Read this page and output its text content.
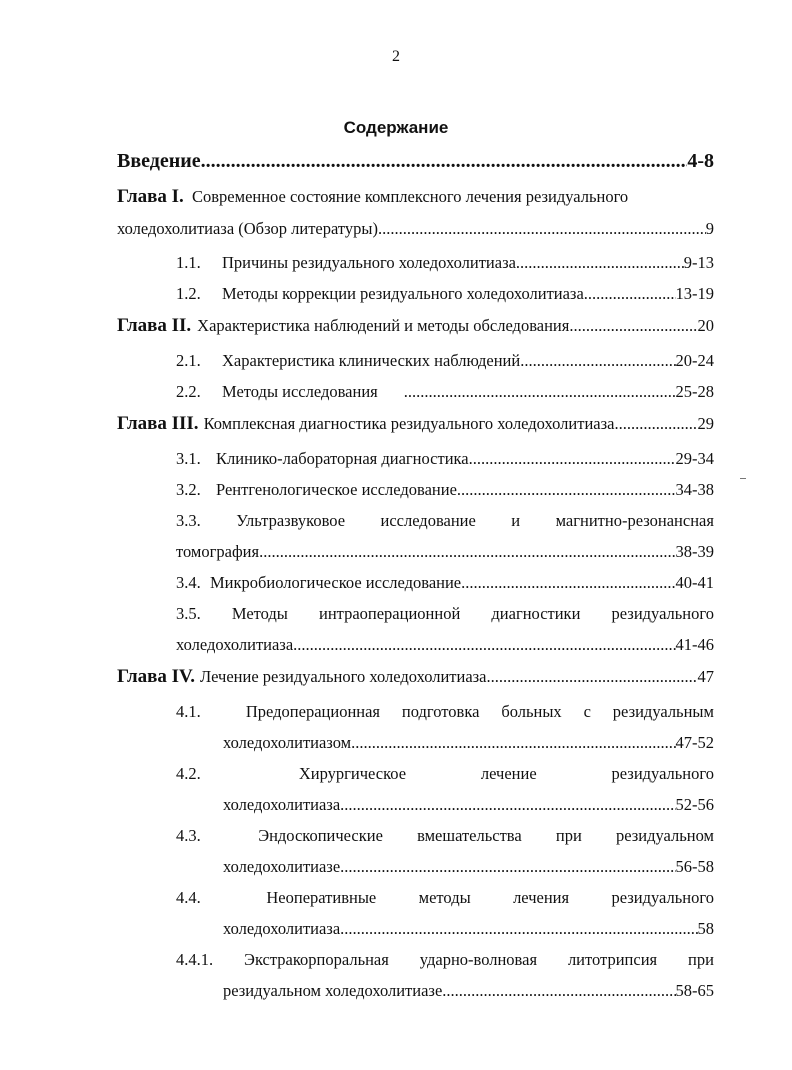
2
Содержание
Введение .....	4-8
Глава I. Современное состояние комплексного лечения резидуального
холедохолитиаза (Обзор литературы) .....	9
1.1.	Причины резидуального холедохолитиаза .....	9-13
1.2.	Методы коррекции резидуального холедохолитиаза .....	13-19
Глава II. Характеристика наблюдений и методы обследования .....	20
2.1.	Характеристика клинических наблюдений .....	20-24
2.2.	Методы исследования .....	25-28
Глава III. Комплексная диагностика резидуального холедохолитиаза .....	29
3.1. Клинико-лабораторная диагностика .....	29-34
3.2. Рентгенологическое исследование .....	34-38
3.3. Ультразвуковое исследование и магнитно-резонансная
томография .....	38-39
3.4. Микробиологическое исследование .....	40-41
3.5. Методы интраоперационной диагностики резидуального
холедохолитиаза .....	41-46
Глава IV. Лечение резидуального холедохолитиаза .....	47
4.1.	Предоперационная подготовка больных с резидуальным
холедохолитиазом .....	47-52
4.2.	Хирургическое	лечение	резидуального
холедохолитиаза .....	52-56
4.3.	Эндоскопические вмешательства при резидуальном
холедохолитиазе .....	56-58
4.4.	Неоперативные	методы	лечения	резидуального
холедохолитиаза .....	58
4.4.1. Экстракорпоральная ударно-волновая литотрипсия при
резидуальном холедохолитиазе .....	58-65
